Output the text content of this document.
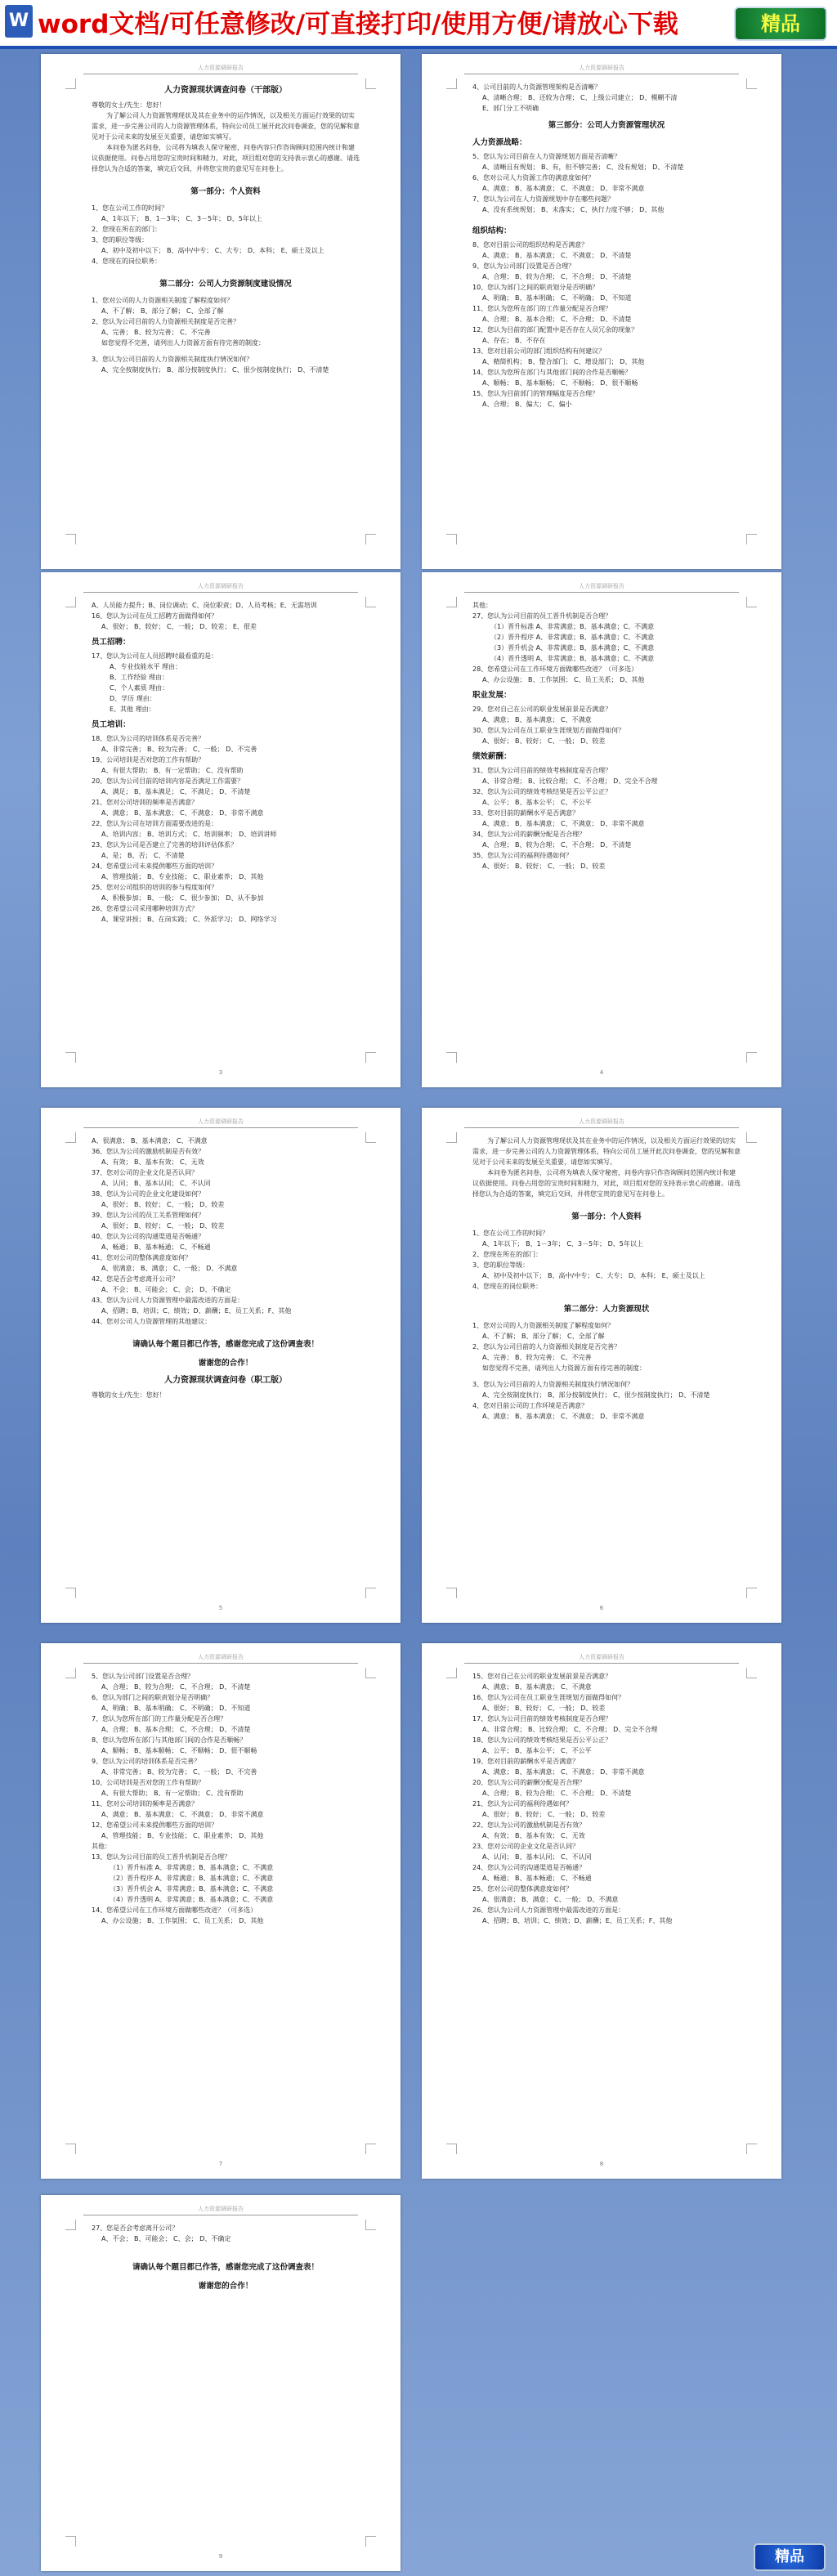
W word文档/可任意修改/可直接打印/使用方便/请放心下载	精品
人力资源调研报告
人力资源现状调查问卷（干部版）
尊敬的女士/先生：您好！
为了解公司人力资源管理现状及其在业务中的运作情况，以及相关方面运行效果的切实需求，进一步完善公司的人力资源管理体系，特向公司员工展开此次问卷调查，您的见解和意见对于公司未来的发展至关重要，请您如实填写。
本问卷为匿名问卷，公司将为填表人保守秘密，问卷内容只作咨询顾问范围内统计和建议依据使用。问卷占用您的宝贵时间和精力，对此，项目组对您的支持表示衷心的感谢。请选择您认为合适的答案，填完后交回，并将您宝贵的意见写在问卷上。
第一部分：个人资料
1、您在公司工作的时间？
A、1年以下； B、1－3年； C、3－5年； D、5年以上
2、您现在所在的部门：
3、您的职位等级：
A、初中及初中以下； B、高中/中专； C、大专； D、本科； E、硕士及以上
4、您现在的岗位职务：
第二部分：公司人力资源制度建设情况
1、您对公司的人力资源相关制度了解程度如何？
A、不了解； B、部分了解； C、全部了解
2、您认为公司目前的人力资源相关制度是否完善？
A、完善； B、较为完善； C、不完善
如您觉得不完善，请列出人力资源方面有待完善的制度：
3、您认为公司目前的人力资源相关制度执行情况如何？
A、完全按制度执行； B、部分按制度执行； C、很少按制度执行； D、不清楚
人力资源调研报告
4、公司目前的人力资源管理架构是否清晰？
A、清晰合理； B、还较为合理； C、上级公司建立； D、模糊不清
E、部门分工不明确
第三部分：公司人力资源管理状况
人力资源战略：
5、您认为公司目前在人力资源规划方面是否清晰？
A、清晰且有规划； B、有，但不够完善； C、没有规划； D、不清楚
6、您对公司人力资源工作的满意度如何？
A、满意； B、基本满意； C、不满意； D、非常不满意
7、您认为公司在人力资源规划中存在哪些问题？
A、没有系统规划； B、未落实； C、执行力度不够； D、其他
组织结构：
8、您对目前公司的组织结构是否满意？
A、满意； B、基本满意； C、不满意； D、不清楚
9、您认为公司部门设置是否合理？
A、合理； B、较为合理； C、不合理； D、不清楚
10、您认为部门之间的职责划分是否明确？
A、明确； B、基本明确； C、不明确； D、不知道
11、您认为您所在部门的工作量分配是否合理？
A、合理； B、基本合理； C、不合理； D、不清楚
12、您认为目前的部门配置中是否存在人员冗余的现象？
A、存在； B、不存在
13、您对目前公司的部门组织结构有何建议？
A、精简机构； B、整合部门； C、增设部门； D、其他
14、您认为您所在部门与其他部门间的合作是否顺畅？
A、顺畅； B、基本顺畅； C、不顺畅； D、很不顺畅
15、您认为目前部门的管理幅度是否合理？
A、合理； B、偏大； C、偏小
人力资源调研报告
A、人员能力提升；B、岗位调动；C、岗位职责；D、人员考核；E、无需培训
16、您认为公司在员工招聘方面做得如何？
A、很好； B、较好； C、一般； D、较差； E、很差
员工招聘：
17、您认为公司在人员招聘时最看重的是：
A、专业技能水平 理由：
B、工作经验 理由：
C、个人素质 理由：
D、学历 理由：
E、其他 理由：
员工培训：
18、您认为公司的培训体系是否完善？
A、非常完善； B、较为完善； C、一般； D、不完善
19、公司培训是否对您的工作有帮助？
A、有很大帮助； B、有一定帮助； C、没有帮助
20、您认为公司目前的培训内容是否满足工作需要？
A、满足； B、基本满足； C、不满足； D、不清楚
21、您对公司培训的频率是否满意？
A、满意； B、基本满意； C、不满意； D、非常不满意
22、您认为公司在培训方面需要改进的是：
A、培训内容； B、培训方式； C、培训频率； D、培训讲师
23、您认为公司是否建立了完善的培训评估体系？
A、是； B、否； C、不清楚
24、您希望公司未来提供哪些方面的培训？
A、管理技能； B、专业技能； C、职业素养； D、其他
25、您对公司组织的培训的参与程度如何？
A、积极参加； B、一般； C、很少参加； D、从不参加
26、您希望公司采用哪种培训方式？
A、课堂讲授； B、在岗实践； C、外派学习； D、网络学习
3
人力资源调研报告
其他：
27、您认为公司目前的员工晋升机制是否合理？
（1）晋升标准 A、非常满意；B、基本满意；C、不满意
（2）晋升程序 A、非常满意；B、基本满意；C、不满意
（3）晋升机会 A、非常满意；B、基本满意；C、不满意
（4）晋升透明 A、非常满意；B、基本满意；C、不满意
28、您希望公司在工作环境方面做哪些改进？（可多选）
A、办公设施； B、工作氛围； C、员工关系； D、其他
职业发展：
29、您对自己在公司的职业发展前景是否满意？
A、满意； B、基本满意； C、不满意
30、您认为公司在员工职业生涯规划方面做得如何？
A、很好； B、较好； C、一般； D、较差
绩效薪酬：
31、您认为公司目前的绩效考核制度是否合理？
A、非常合理； B、比较合理； C、不合理； D、完全不合理
32、您认为公司的绩效考核结果是否公平公正？
A、公平； B、基本公平； C、不公平
33、您对目前的薪酬水平是否满意？
A、满意； B、基本满意； C、不满意； D、非常不满意
34、您认为公司的薪酬分配是否合理？
A、合理； B、较为合理； C、不合理； D、不清楚
35、您认为公司的福利待遇如何？
A、很好； B、较好； C、一般； D、较差
4
人力资源调研报告
A、很满意； B、基本满意； C、不满意
36、您认为公司的激励机制是否有效？
A、有效； B、基本有效； C、无效
37、您对公司的企业文化是否认同？
A、认同； B、基本认同； C、不认同
38、您认为公司的企业文化建设如何？
A、很好； B、较好； C、一般； D、较差
39、您认为公司的员工关系管理如何？
A、很好； B、较好； C、一般； D、较差
40、您认为公司的沟通渠道是否畅通？
A、畅通； B、基本畅通； C、不畅通
41、您对公司的整体满意度如何？
A、很满意； B、满意； C、一般； D、不满意
42、您是否会考虑离开公司？
A、不会； B、可能会； C、会； D、不确定
43、您认为公司人力资源管理中最需改进的方面是：
A、招聘；B、培训；C、绩效；D、薪酬；E、员工关系；F、其他
44、您对公司人力资源管理的其他建议：
请确认每个题目都已作答，感谢您完成了这份调查表！
谢谢您的合作！
人力资源现状调查问卷（职工版）
尊敬的女士/先生：您好！
5
人力资源调研报告
为了解公司人力资源管理现状及其在业务中的运作情况，以及相关方面运行效果的切实需求，进一步完善公司的人力资源管理体系，特向公司员工展开此次问卷调查，您的见解和意见对于公司未来的发展至关重要，请您如实填写。
本问卷为匿名问卷，公司将为填表人保守秘密，问卷内容只作咨询顾问范围内统计和建议依据使用。问卷占用您的宝贵时间和精力，对此，项目组对您的支持表示衷心的感谢。请选择您认为合适的答案，填完后交回，并将您宝贵的意见写在问卷上。
第一部分：个人资料
1、您在公司工作的时间？
A、1年以下； B、1－3年； C、3－5年； D、5年以上
2、您现在所在的部门：
3、您的职位等级：
A、初中及初中以下； B、高中/中专； C、大专； D、本科； E、硕士及以上
4、您现在的岗位职务：
第二部分：人力资源现状
1、您对公司的人力资源相关制度了解程度如何？
A、不了解； B、部分了解； C、全部了解
2、您认为公司目前的人力资源相关制度是否完善？
A、完善； B、较为完善； C、不完善
如您觉得不完善，请列出人力资源方面有待完善的制度：
3、您认为公司目前的人力资源相关制度执行情况如何？
A、完全按制度执行； B、部分按制度执行； C、很少按制度执行； D、不清楚
4、您对目前公司的工作环境是否满意？
A、满意； B、基本满意； C、不满意； D、非常不满意
6
人力资源调研报告
5、您认为公司部门设置是否合理？
A、合理； B、较为合理； C、不合理； D、不清楚
6、您认为部门之间的职责划分是否明确？
A、明确； B、基本明确； C、不明确； D、不知道
7、您认为您所在部门的工作量分配是否合理？
A、合理； B、基本合理； C、不合理； D、不清楚
8、您认为您所在部门与其他部门间的合作是否顺畅？
A、顺畅； B、基本顺畅； C、不顺畅； D、很不顺畅
9、您认为公司的培训体系是否完善？
A、非常完善； B、较为完善； C、一般； D、不完善
10、公司培训是否对您的工作有帮助？
A、有很大帮助； B、有一定帮助； C、没有帮助
11、您对公司培训的频率是否满意？
A、满意； B、基本满意； C、不满意； D、非常不满意
12、您希望公司未来提供哪些方面的培训？
A、管理技能； B、专业技能； C、职业素养； D、其他
其他：
13、您认为公司目前的员工晋升机制是否合理？
（1）晋升标准 A、非常满意；B、基本满意；C、不满意
（2）晋升程序 A、非常满意；B、基本满意；C、不满意
（3）晋升机会 A、非常满意；B、基本满意；C、不满意
（4）晋升透明 A、非常满意；B、基本满意；C、不满意
14、您希望公司在工作环境方面做哪些改进？（可多选）
A、办公设施； B、工作氛围； C、员工关系； D、其他
7
人力资源调研报告
15、您对自己在公司的职业发展前景是否满意？
A、满意； B、基本满意； C、不满意
16、您认为公司在员工职业生涯规划方面做得如何？
A、很好； B、较好； C、一般； D、较差
17、您认为公司目前的绩效考核制度是否合理？
A、非常合理； B、比较合理； C、不合理； D、完全不合理
18、您认为公司的绩效考核结果是否公平公正？
A、公平； B、基本公平； C、不公平
19、您对目前的薪酬水平是否满意？
A、满意； B、基本满意； C、不满意； D、非常不满意
20、您认为公司的薪酬分配是否合理？
A、合理； B、较为合理； C、不合理； D、不清楚
21、您认为公司的福利待遇如何？
A、很好； B、较好； C、一般； D、较差
22、您认为公司的激励机制是否有效？
A、有效； B、基本有效； C、无效
23、您对公司的企业文化是否认同？
A、认同； B、基本认同； C、不认同
24、您认为公司的沟通渠道是否畅通？
A、畅通； B、基本畅通； C、不畅通
25、您对公司的整体满意度如何？
A、很满意； B、满意； C、一般； D、不满意
26、您认为公司人力资源管理中最需改进的方面是：
A、招聘；B、培训；C、绩效；D、薪酬；E、员工关系；F、其他
8
人力资源调研报告
27、您是否会考虑离开公司？
A、不会； B、可能会； C、会； D、不确定
请确认每个题目都已作答，感谢您完成了这份调查表！
谢谢您的合作！
9	精品
